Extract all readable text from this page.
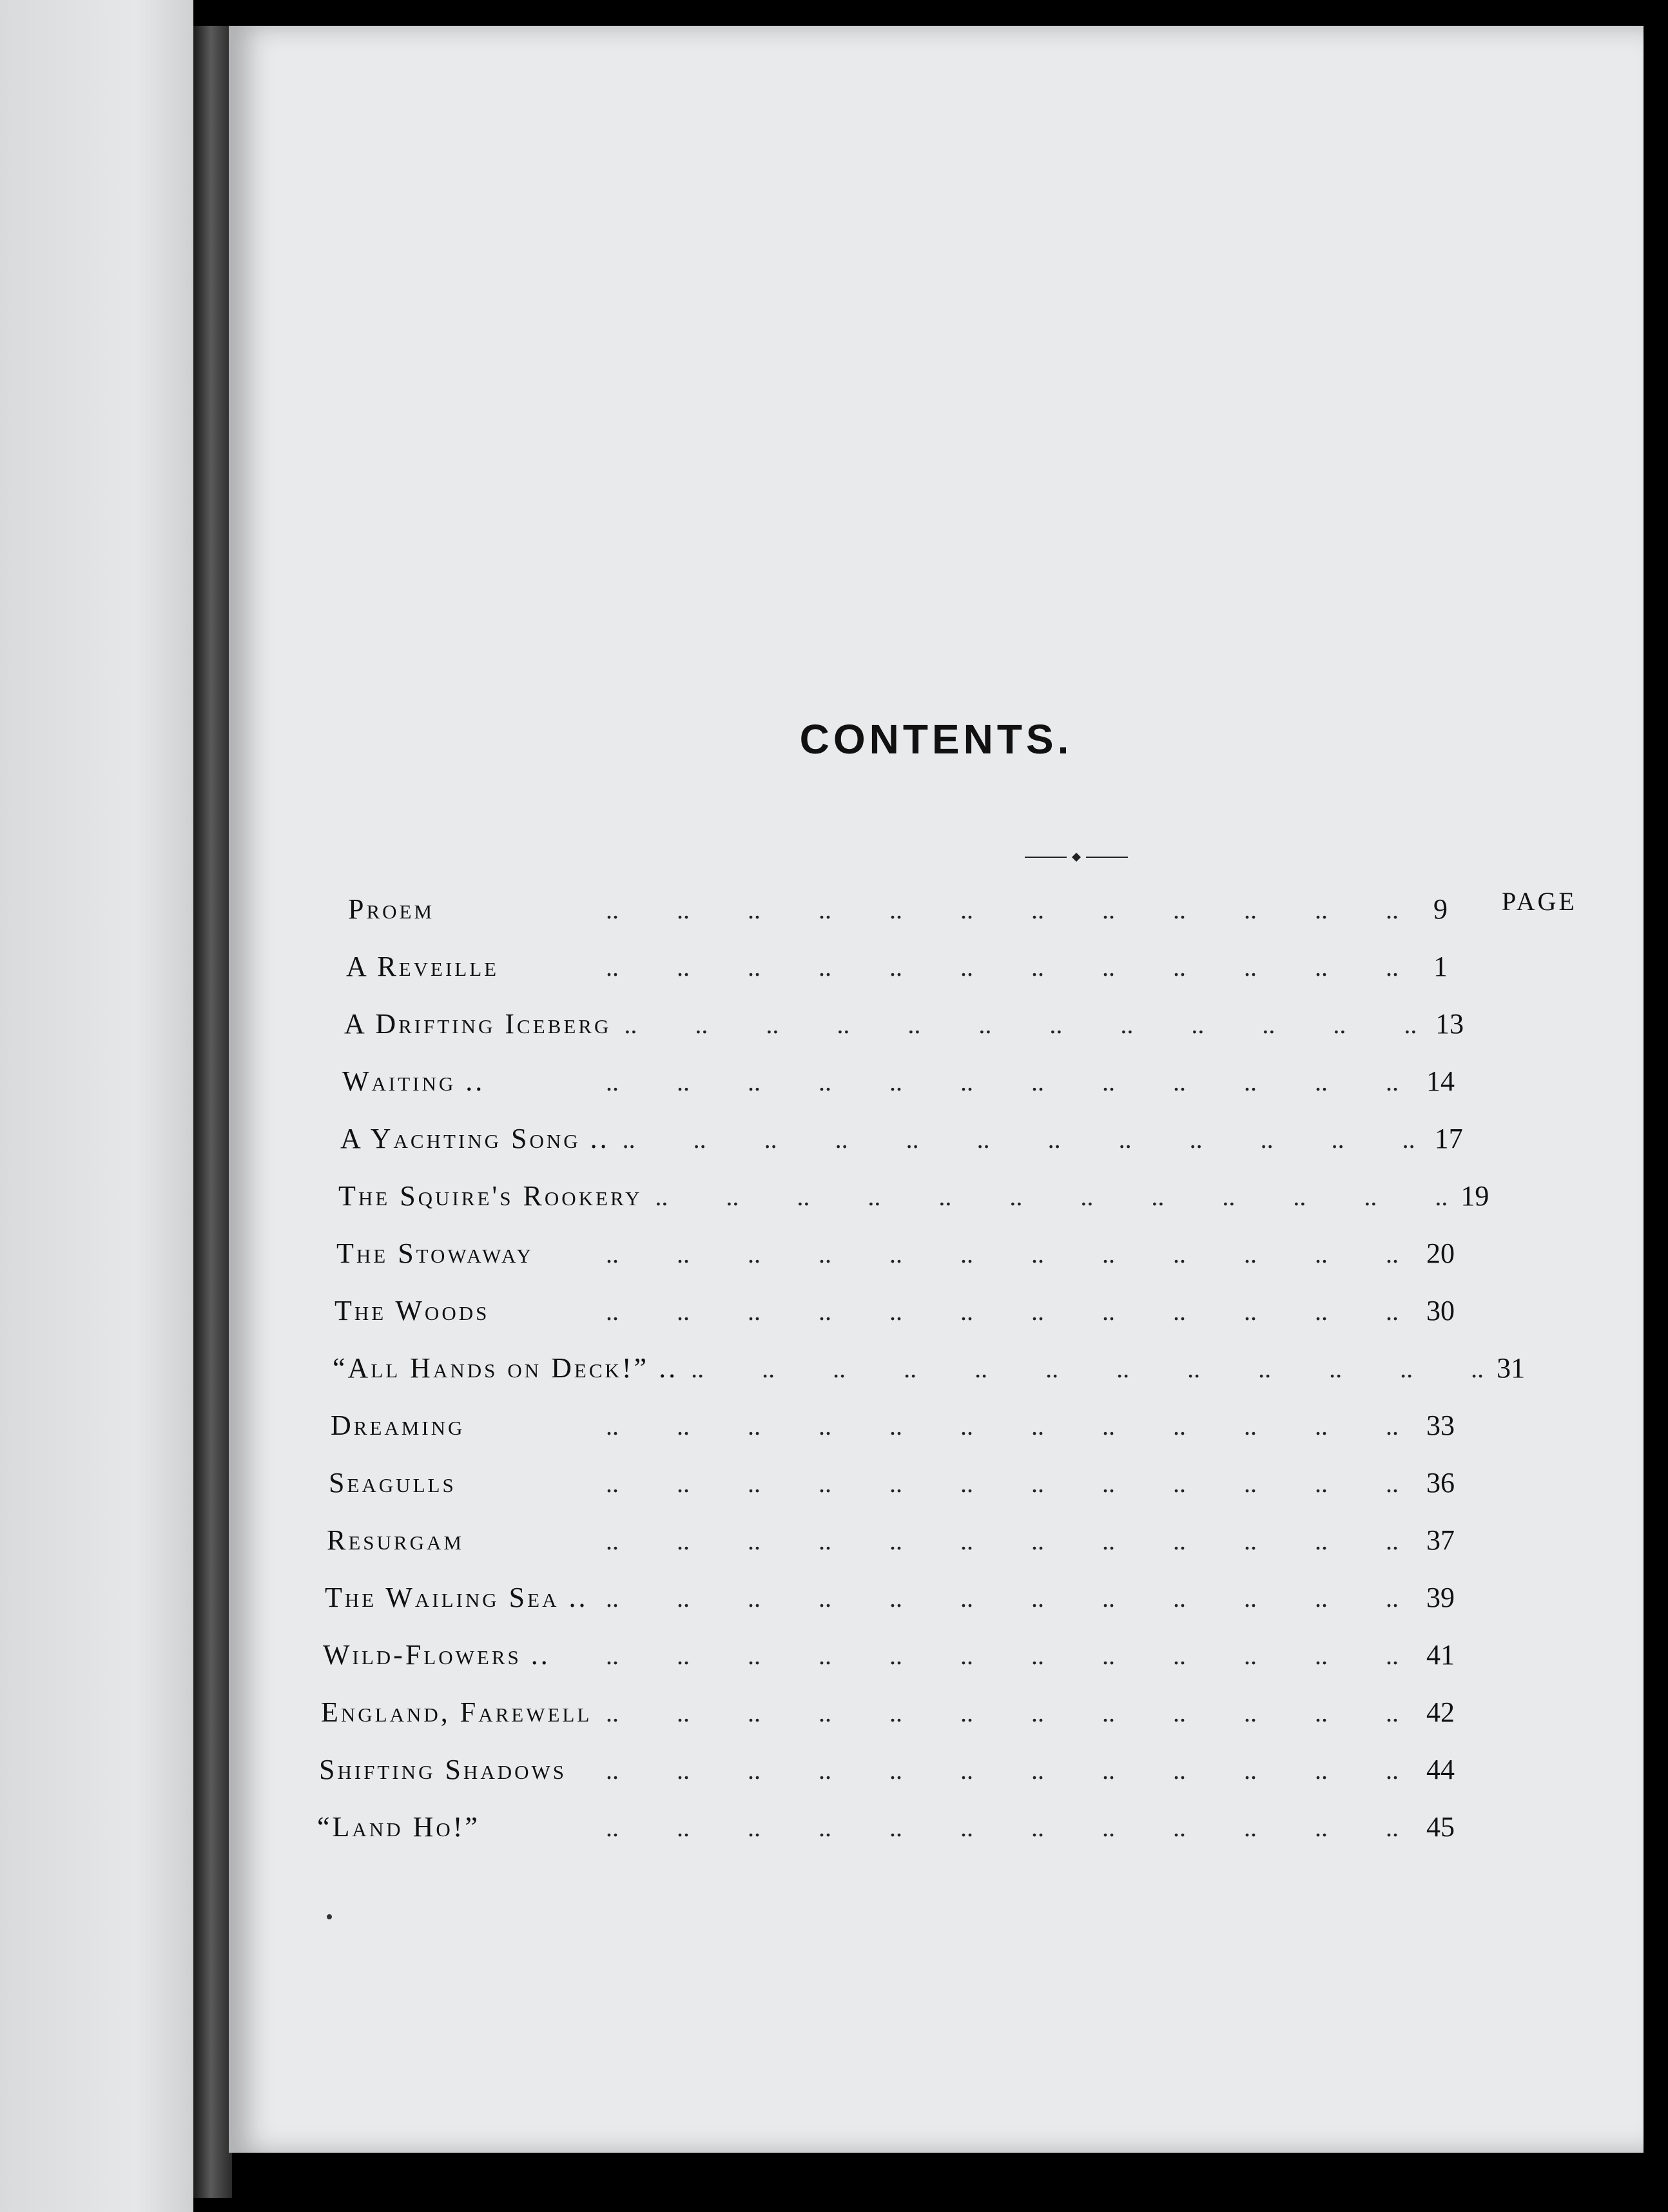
CONTENTS.
PAGE
Proem	..   ..   ..   ..   ..   ..   ..   ..   ..   ..   ..   ..	9
A Reveille	..   ..   ..   ..   ..   ..   ..   ..   ..   ..   ..   ..	1
A Drifting Iceberg ..   ..   ..   ..   ..   ..   ..   ..   ..   ..   ..   .. 13
Waiting ..	..   ..   ..   ..   ..   ..   ..   ..   ..   ..   ..   .. 14
A Yachting Song .. ..   ..   ..   ..   ..   ..   ..   ..   ..   ..   ..   .. 17
The Squire's Rookery ..   ..   ..   ..   ..   ..   ..   ..   ..   ..   ..   .. 19
The Stowaway	..   ..   ..   ..   ..   ..   ..   ..   ..   ..   ..   .. 20
The Woods	..   ..   ..   ..   ..   ..   ..   ..   ..   ..   ..   .. 30
“All Hands on Deck!” .. ..   ..   ..   ..   ..   ..   ..   ..   ..   ..   ..   .. 31
Dreaming	..   ..   ..   ..   ..   ..   ..   ..   ..   ..   ..   .. 33
Seagulls	..   ..   ..   ..   ..   ..   ..   ..   ..   ..   ..   .. 36
Resurgam	..   ..   ..   ..   ..   ..   ..   ..   ..   ..   ..   .. 37
The Wailing Sea .. ..   ..   ..   ..   ..   ..   ..   ..   ..   ..   ..   .. 39
Wild-Flowers ..	..   ..   ..   ..   ..   ..   ..   ..   ..   ..   ..   .. 41
England, Farewell ..   ..   ..   ..   ..   ..   ..   ..   ..   ..   ..   .. 42
Shifting Shadows	..   ..   ..   ..   ..   ..   ..   ..   ..   ..   ..   .. 44
“Land Ho!”	..   ..   ..   ..   ..   ..   ..   ..   ..   ..   ..   .. 45
